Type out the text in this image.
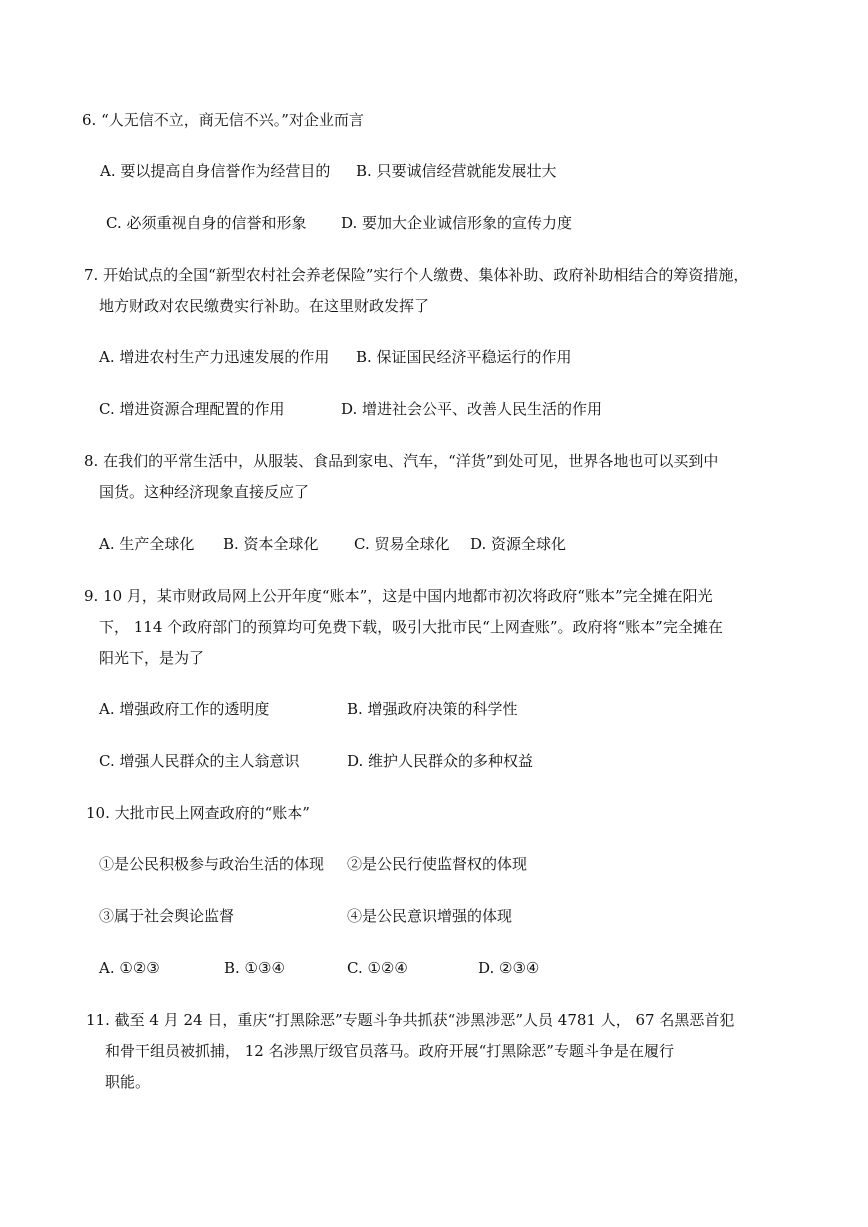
6. “人无信不立，商无信不兴。”对企业而言
A. 要以提高自身信誉作为经营目的 B. 只要诚信经营就能发展壮大
C. 必须重视自身的信誉和形象 D. 要加大企业诚信形象的宣传力度
7. 开始试点的全国“新型农村社会养老保险”实行个人缴费、集体补助、政府补助相结合的筹资措施，
地方财政对农民缴费实行补助。在这里财政发挥了
A. 增进农村生产力迅速发展的作用 B. 保证国民经济平稳运行的作用
C. 增进资源合理配置的作用	D. 增进社会公平、改善人民生活的作用
8. 在我们的平常生活中，从服装、食品到家电、汽车，“洋货”到处可见，世界各地也可以买到中
国货。这种经济现象直接反应了
A. 生产全球化 B. 资本全球化 C. 贸易全球化 D. 资源全球化
9. 10 月，某市财政局网上公开年度“账本”，这是中国内地都市初次将政府“账本”完全摊在阳光
下， 114 个政府部门的预算均可免费下载，吸引大批市民“上网查账”。政府将“账本”完全摊在
阳光下，是为了
A. 增强政府工作的透明度	B. 增强政府决策的科学性
C. 增强人民群众的主人翁意识	D. 维护人民群众的多种权益
10. 大批市民上网查政府的“账本”
①是公民积极参与政治生活的体现 ②是公民行使监督权的体现
③属于社会舆论监督	④是公民意识增强的体现
A. ①②③	B. ①③④	C. ①②④	D. ②③④
11. 截至 4 月 24 日，重庆“打黑除恶”专题斗争共抓获“涉黑涉恶”人员 4781 人， 67 名黑恶首犯
和骨干组员被抓捕， 12 名涉黑厅级官员落马。政府开展“打黑除恶”专题斗争是在履行
职能。
